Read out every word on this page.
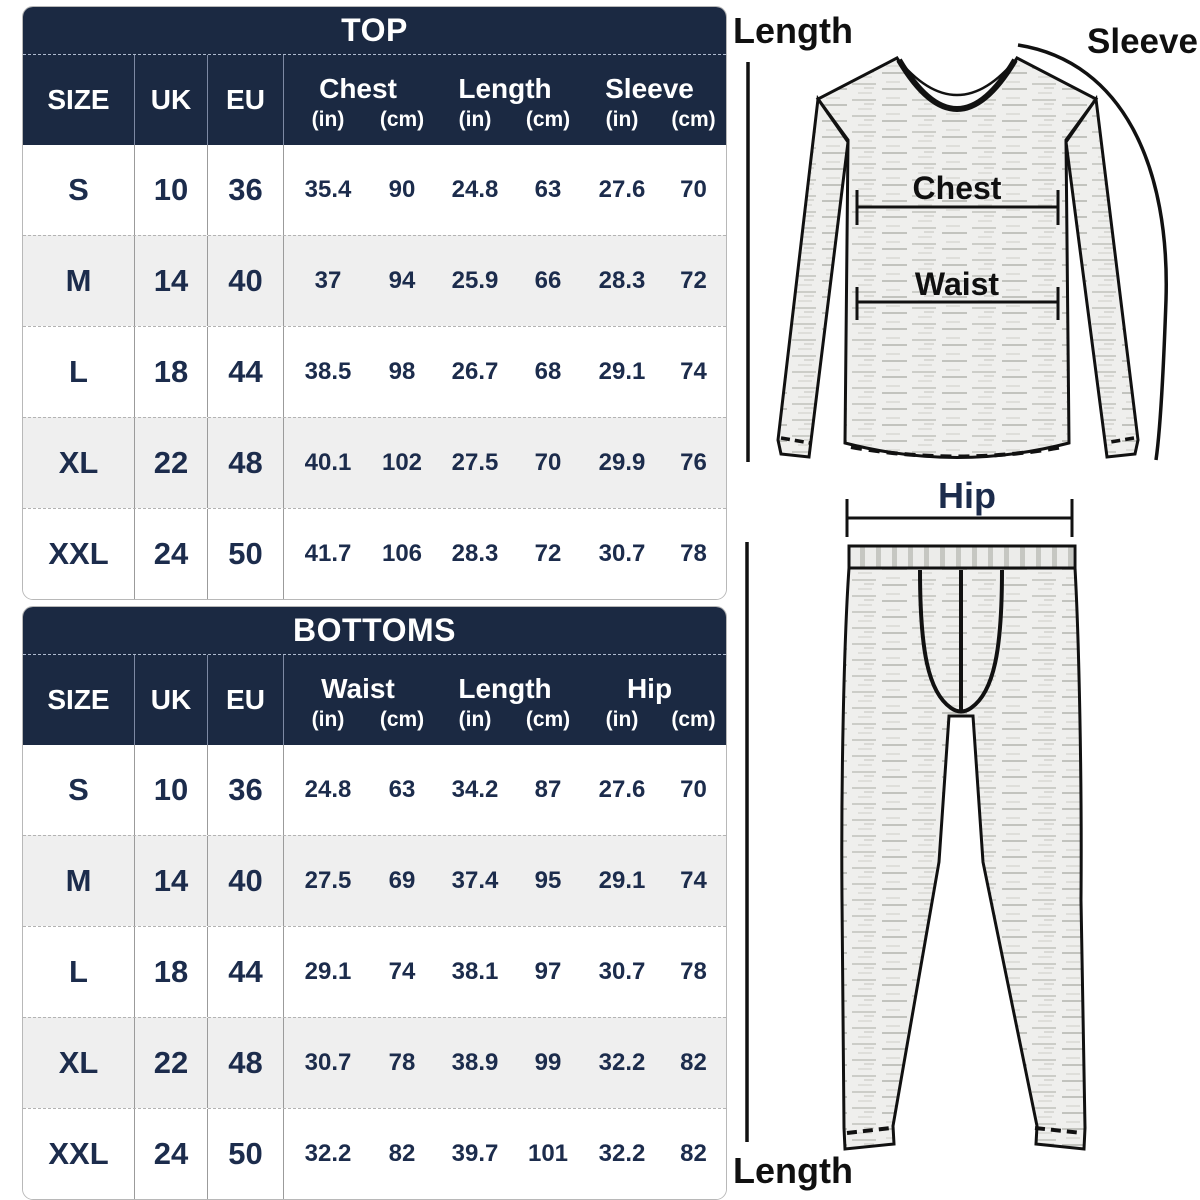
TOP
SIZE	UK	EU	Chest	Length	Sleeve
(in)	(cm)	(in)	(cm)	(in)	(cm)
S	10	36	35.4	90	24.8	63	27.6	70
M	14	40	37	94	25.9	66	28.3	72
L	18	44	38.5	98	26.7	68	29.1	74
XL	22	48	40.1	102	27.5	70	29.9	76
XXL	24	50	41.7	106	28.3	72	30.7	78
BOTTOMS
SIZE	UK	EU	Waist	Length	Hip
(in)	(cm)	(in)	(cm)	(in)	(cm)
S	10	36	24.8	63	34.2	87	27.6	70
M	14	40	27.5	69	37.4	95	29.1	74
L	18	44	29.1	74	38.1	97	30.7	78
XL	22	48	30.7	78	38.9	99	32.2	82
XXL	24	50	32.2	82	39.7	101	32.2	82
Length	Sleeve
Chest
Waist
Hip
Length
